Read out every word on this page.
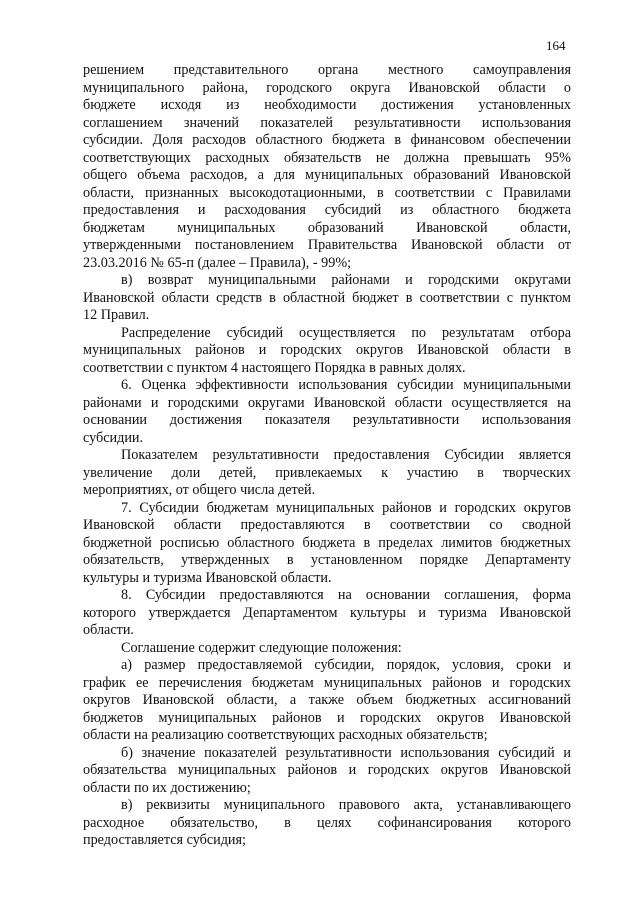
164
решением представительного органа местного самоуправления
муниципального района, городского округа Ивановской области о
бюджете исходя из необходимости достижения установленных
соглашением значений показателей результативности использования
субсидии. Доля расходов областного бюджета в финансовом обеспечении
соответствующих расходных обязательств не должна превышать 95%
общего объема расходов, а для муниципальных образований Ивановской
области, признанных высокодотационными, в соответствии с Правилами
предоставления и расходования субсидий из областного бюджета
бюджетам муниципальных образований Ивановской области,
утвержденными постановлением Правительства Ивановской области от
23.03.2016 № 65-п (далее – Правила), - 99%;
в) возврат муниципальными районами и городскими округами
Ивановской области средств в областной бюджет в соответствии с пунктом
12 Правил.
Распределение субсидий осуществляется по результатам отбора
муниципальных районов и городских округов Ивановской области в
соответствии с пунктом 4 настоящего Порядка в равных долях.
6. Оценка эффективности использования субсидии муниципальными
районами и городскими округами Ивановской области осуществляется на
основании достижения показателя результативности использования
субсидии.
Показателем результативности предоставления Субсидии является
увеличение доли детей, привлекаемых к участию в творческих
мероприятиях, от общего числа детей.
7. Субсидии бюджетам муниципальных районов и городских округов
Ивановской области предоставляются в соответствии со сводной
бюджетной росписью областного бюджета в пределах лимитов бюджетных
обязательств, утвержденных в установленном порядке Департаменту
культуры и туризма Ивановской области.
8. Субсидии предоставляются на основании соглашения, форма
которого утверждается Департаментом культуры и туризма Ивановской
области.
Соглашение содержит следующие положения:
а) размер предоставляемой субсидии, порядок, условия, сроки и
график ее перечисления бюджетам муниципальных районов и городских
округов Ивановской области, а также объем бюджетных ассигнований
бюджетов муниципальных районов и городских округов Ивановской
области на реализацию соответствующих расходных обязательств;
б) значение показателей результативности использования субсидий и
обязательства муниципальных районов и городских округов Ивановской
области по их достижению;
в) реквизиты муниципального правового акта, устанавливающего
расходное обязательство, в целях софинансирования которого
предоставляется субсидия;
